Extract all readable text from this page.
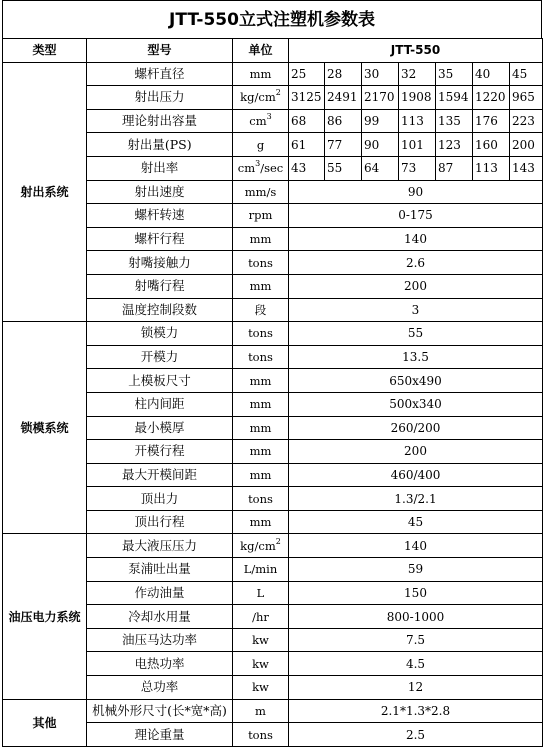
JTT-550立式注塑机参数表
类型	型号	单位	JTT-550						
射出系统	螺杆直径	mm	25	28	30	32	35	40	45
	射出压力	$kg/cm^2$	3125	2491	2170	1908	1594	1220	965
	理论射出容量	$cm^3$	68	86	99	113	135	176	223
	射出量(PS)	g	61	77	90	101	123	160	200
	射出率	$cm^3/\sec$	43	55	64	73	87	113	143
	射出速度	mm/s	90						
	螺杆转速	rpm	0-175						
	螺杆行程	mm	140						
	射嘴接触力	tons	2.6						
	射嘴行程	mm	200						
	温度控制段数	段	3						
锁模系统	锁模力	tons	55						
	开模力	tons	13.5						
	上模板尺寸	mm	650x490						
	柱内间距	mm	500x340						
	最小模厚	mm	260/200						
	开模行程	mm	200						
	最大开模间距	mm	460/400						
	顶出力	tons	1.3/2.1						
	顶出行程	mm	45						
油压电力系统	最大液压压力	$kg/cm^2$	140						
	泵浦吐出量	L/min	59						
	作动油量	L	150						
	冷却水用量	/hr	800-1000						
	油压马达功率	kw	7.5						
	电热功率	kw	4.5						
	总功率	kw	12						
其他	机械外形尺寸(长*宽*高)	m	2.1*1.3*2.8						
	理论重量	tons	2.5						
